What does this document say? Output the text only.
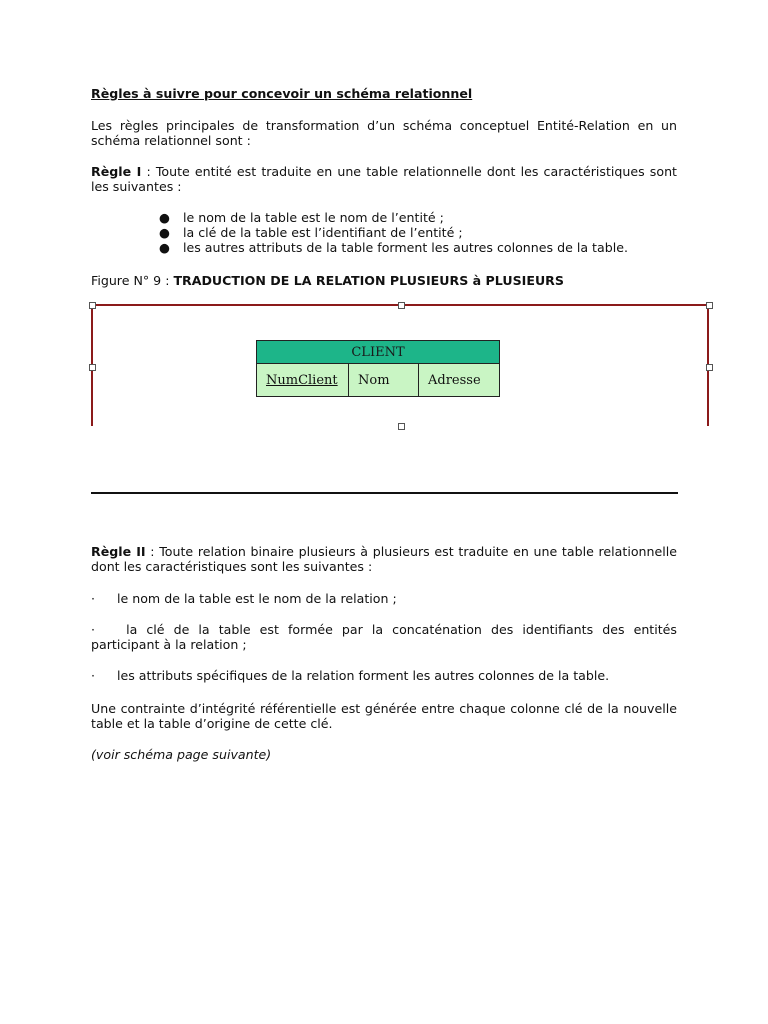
Règles à suivre pour concevoir un schéma relationnel

Les règles principales de transformation d’un schéma conceptuel Entité-Relation en un schéma relationnel sont :

Règle I : Toute entité est traduite en une table relationnelle dont les caractéristiques sont les suivantes :

● le nom de la table est le nom de l’entité ;
● la clé de la table est l’identifiant de l’entité ;
● les autres attributs de la table forment les autres colonnes de la table.

Figure N° 9 : TRADUCTION DE LA RELATION PLUSIEURS à PLUSIEURS

CLIENT
NumClient	Nom	Adresse

Règle II : Toute relation binaire plusieurs à plusieurs est traduite en une table relationnelle dont les caractéristiques sont les suivantes :

· le nom de la table est le nom de la relation ;

· la clé de la table est formée par la concaténation des identifiants des entités participant à la relation ;

· les attributs spécifiques de la relation forment les autres colonnes de la table.

Une contrainte d’intégrité référentielle est générée entre chaque colonne clé de la nouvelle table et la table d’origine de cette clé.

(voir schéma page suivante)
